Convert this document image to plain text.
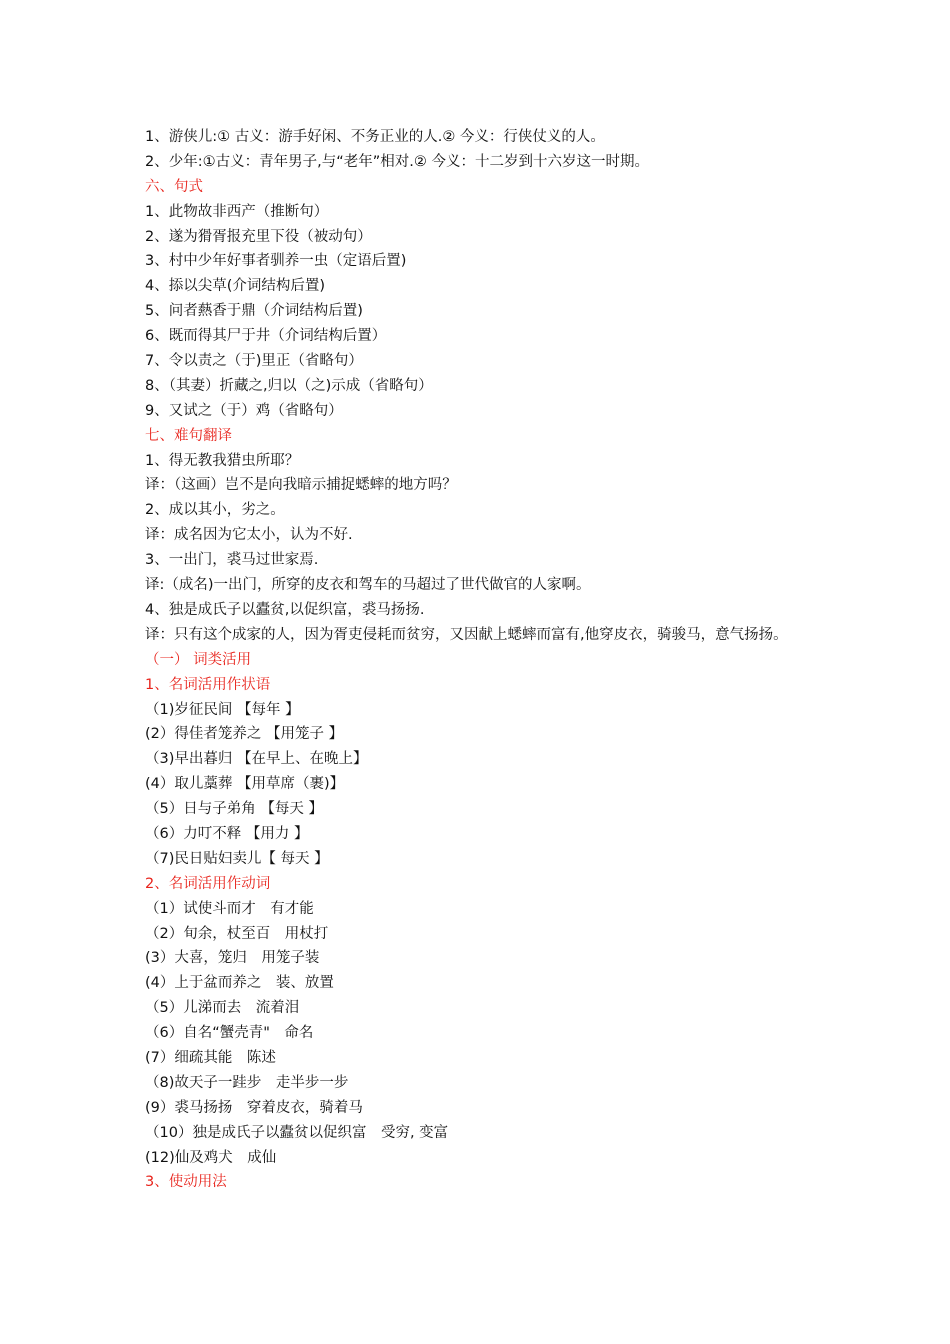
1、游侠儿:① 古义：游手好闲、不务正业的人.② 今义：行侠仗义的人。
2、少年:①古义：青年男子,与“老年”相对.② 今义：十二岁到十六岁这一时期。
六、句式
1、此物故非西产（推断句）
2、遂为猾胥报充里下役（被动句）
3、村中少年好事者驯养一虫（定语后置)
4、掭以尖草(介词结构后置)
5、问者爇香于鼎（介词结构后置)
6、既而得其尸于井（介词结构后置）
7、令以责之（于)里正（省略句）
8、（其妻）折藏之,归以（之)示成（省略句）
9、又试之（于）鸡（省略句）
七、难句翻译
1、得无教我猎虫所耶？
译：（这画）岂不是向我暗示捕捉蟋蟀的地方吗？
2、成以其小，劣之。
译：成名因为它太小，认为不好.
3、一出门，裘马过世家焉.
译:（成名)一出门，所穿的皮衣和驾车的马超过了世代做官的人家啊。
4、独是成氏子以蠹贫,以促织富，裘马扬扬.
译：只有这个成家的人，因为胥吏侵耗而贫穷，又因献上蟋蟀而富有,他穿皮衣，骑骏马，意气扬扬。
（一） 词类活用
1、名词活用作状语
（1)岁征民间 【每年 】
(2）得佳者笼养之 【用笼子 】
（3)早出暮归 【在早上、在晚上】
(4）取儿藁葬 【用草席（裹)】
（5）日与子弟角 【每天 】
（6）力叮不释 【用力 】
（7)民日贴妇卖儿【 每天 】
2、名词活用作动词
（1）试使斗而才　有才能
（2）旬余，杖至百　用杖打
(3）大喜，笼归　用笼子装
(4）上于盆而养之　装、放置
（5）儿涕而去　流着泪
（6）自名“蟹壳青"　命名
(7）细疏其能　陈述
（8)故天子一跬步　走半步一步
(9）裘马扬扬　穿着皮衣，骑着马
（10）独是成氏子以蠹贫以促织富　受穷, 变富
(12)仙及鸡犬　成仙
3、使动用法
